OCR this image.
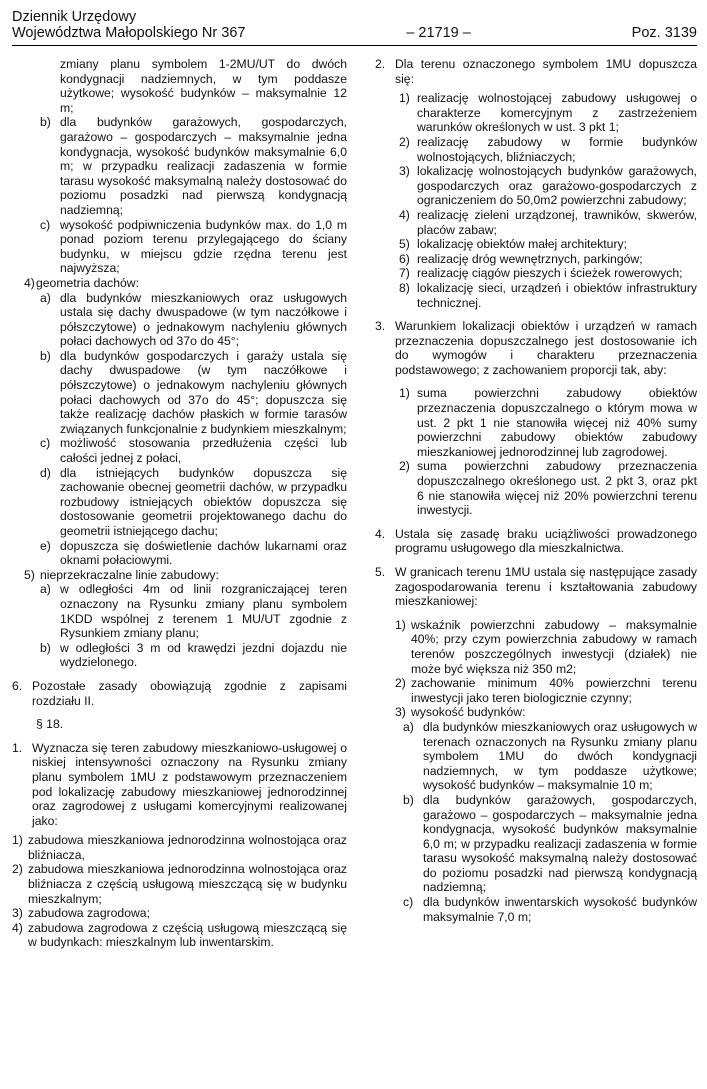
Dziennik Urzędowy
Województwa Małopolskiego Nr 367	– 21719 –	Poz. 3139
zmiany planu symbolem 1-2MU/UT do dwóch kondygnacji nadziemnych, w tym poddasze użytkowe; wysokość budynków – maksymalnie 12 m;
b) dla budynków garażowych, gospodarczych, garażowo – gospodarczych – maksymalnie jedna kondygnacja, wysokość budynków maksymalnie 6,0 m; w przypadku realizacji zadaszenia w formie tarasu wysokość maksymalną należy dostosować do poziomu posadzki nad pierwszą kondygnacją nadziemną;
c) wysokość podpiwniczenia budynków max. do 1,0 m ponad poziom terenu przylegającego do ściany budynku, w miejscu gdzie rzędna terenu jest najwyższa;
4) geometria dachów:
a) dla budynków mieszkaniowych oraz usługowych ustala się dachy dwuspadowe (w tym naczółkowe i półszczytowe) o jednakowym nachyleniu głównych połaci dachowych od 37o do 45°;
b) dla budynków gospodarczych i garaży ustala się dachy dwuspadowe (w tym naczółkowe i półszczytowe) o jednakowym nachyleniu głównych połaci dachowych od 37o do 45°; dopuszcza się także realizację dachów płaskich w formie tarasów związanych funkcjonalnie z budynkiem mieszkalnym;
c) możliwość stosowania przedłużenia części lub całości jednej z połaci,
d) dla istniejących budynków dopuszcza się zachowanie obecnej geometrii dachów, w przypadku rozbudowy istniejących obiektów dopuszcza się dostosowanie geometrii projektowanego dachu do geometrii istniejącego dachu;
e) dopuszcza się doświetlenie dachów lukarnami oraz oknami połaciowymi.
5) nieprzekraczalne linie zabudowy:
a) w odległości 4m od linii rozgraniczającej teren oznaczony na Rysunku zmiany planu symbolem 1KDD wspólnej z terenem 1 MU/UT zgodnie z Rysunkiem zmiany planu;
b) w odległości 3 m od krawędzi jezdni dojazdu nie wydzielonego.
6. Pozostałe zasady obowiązują zgodnie z zapisami rozdziału II.
§ 18.
1. Wyznacza się teren zabudowy mieszkaniowo-usługowej o niskiej intensywności oznaczony na Rysunku zmiany planu symbolem 1MU z podstawowym przeznaczeniem pod lokalizację zabudowy mieszkaniowej jednorodzinnej oraz zagrodowej z usługami komercyjnymi realizowanej jako:
1) zabudowa mieszkaniowa jednorodzinna wolnostojąca oraz bliźniacza,
2) zabudowa mieszkaniowa jednorodzinna wolnostojąca oraz bliźniacza z częścią usługową mieszczącą się w budynku mieszkalnym;
3) zabudowa zagrodowa;
4) zabudowa zagrodowa z częścią usługową mieszczącą się w budynkach: mieszkalnym lub inwentarskim.
2. Dla terenu oznaczonego symbolem 1MU dopuszcza się:
1) realizację wolnostojącej zabudowy usługowej o charakterze komercyjnym z zastrzeżeniem warunków określonych w ust. 3 pkt 1;
2) realizację zabudowy w formie budynków wolnostojących, bliźniaczych;
3) lokalizację wolnostojących budynków garażowych, gospodarczych oraz garażowo-gospodarczych z ograniczeniem do 50,0m2 powierzchni zabudowy;
4) realizację zieleni urządzonej, trawników, skwerów, placów zabaw;
5) lokalizację obiektów małej architektury;
6) realizację dróg wewnętrznych, parkingów;
7) realizację ciągów pieszych i ścieżek rowerowych;
8) lokalizację sieci, urządzeń i obiektów infrastruktury technicznej.
3. Warunkiem lokalizacji obiektów i urządzeń w ramach przeznaczenia dopuszczalnego jest dostosowanie ich do wymogów i charakteru przeznaczenia podstawowego; z zachowaniem proporcji tak, aby:
1) suma powierzchni zabudowy obiektów przeznaczenia dopuszczalnego o którym mowa w ust. 2 pkt 1 nie stanowiła więcej niż 40% sumy powierzchni zabudowy obiektów zabudowy mieszkaniowej jednorodzinnej lub zagrodowej.
2) suma powierzchni zabudowy przeznaczenia dopuszczalnego określonego ust. 2 pkt 3, oraz pkt 6 nie stanowiła więcej niż 20% powierzchni terenu inwestycji.
4. Ustala się zasadę braku uciążliwości prowadzonego programu usługowego dla mieszkalnictwa.
5. W granicach terenu 1MU ustala się następujące zasady zagospodarowania terenu i kształtowania zabudowy mieszkaniowej:
1) wskaźnik powierzchni zabudowy – maksymalnie 40%; przy czym powierzchnia zabudowy w ramach terenów poszczególnych inwestycji (działek) nie może być większa niż 350 m2;
2) zachowanie minimum 40% powierzchni terenu inwestycji jako teren biologicznie czynny;
3) wysokość budynków:
a) dla budynków mieszkaniowych oraz usługowych w terenach oznaczonych na Rysunku zmiany planu symbolem 1MU do dwóch kondygnacji nadziemnych, w tym poddasze użytkowe; wysokość budynków – maksymalnie 10 m;
b) dla budynków garażowych, gospodarczych, garażowo – gospodarczych – maksymalnie jedna kondygnacja, wysokość budynków maksymalnie 6,0 m; w przypadku realizacji zadaszenia w formie tarasu wysokość maksymalną należy dostosować do poziomu posadzki nad pierwszą kondygnacją nadziemną;
c) dla budynków inwentarskich wysokość budynków maksymalnie 7,0 m;
